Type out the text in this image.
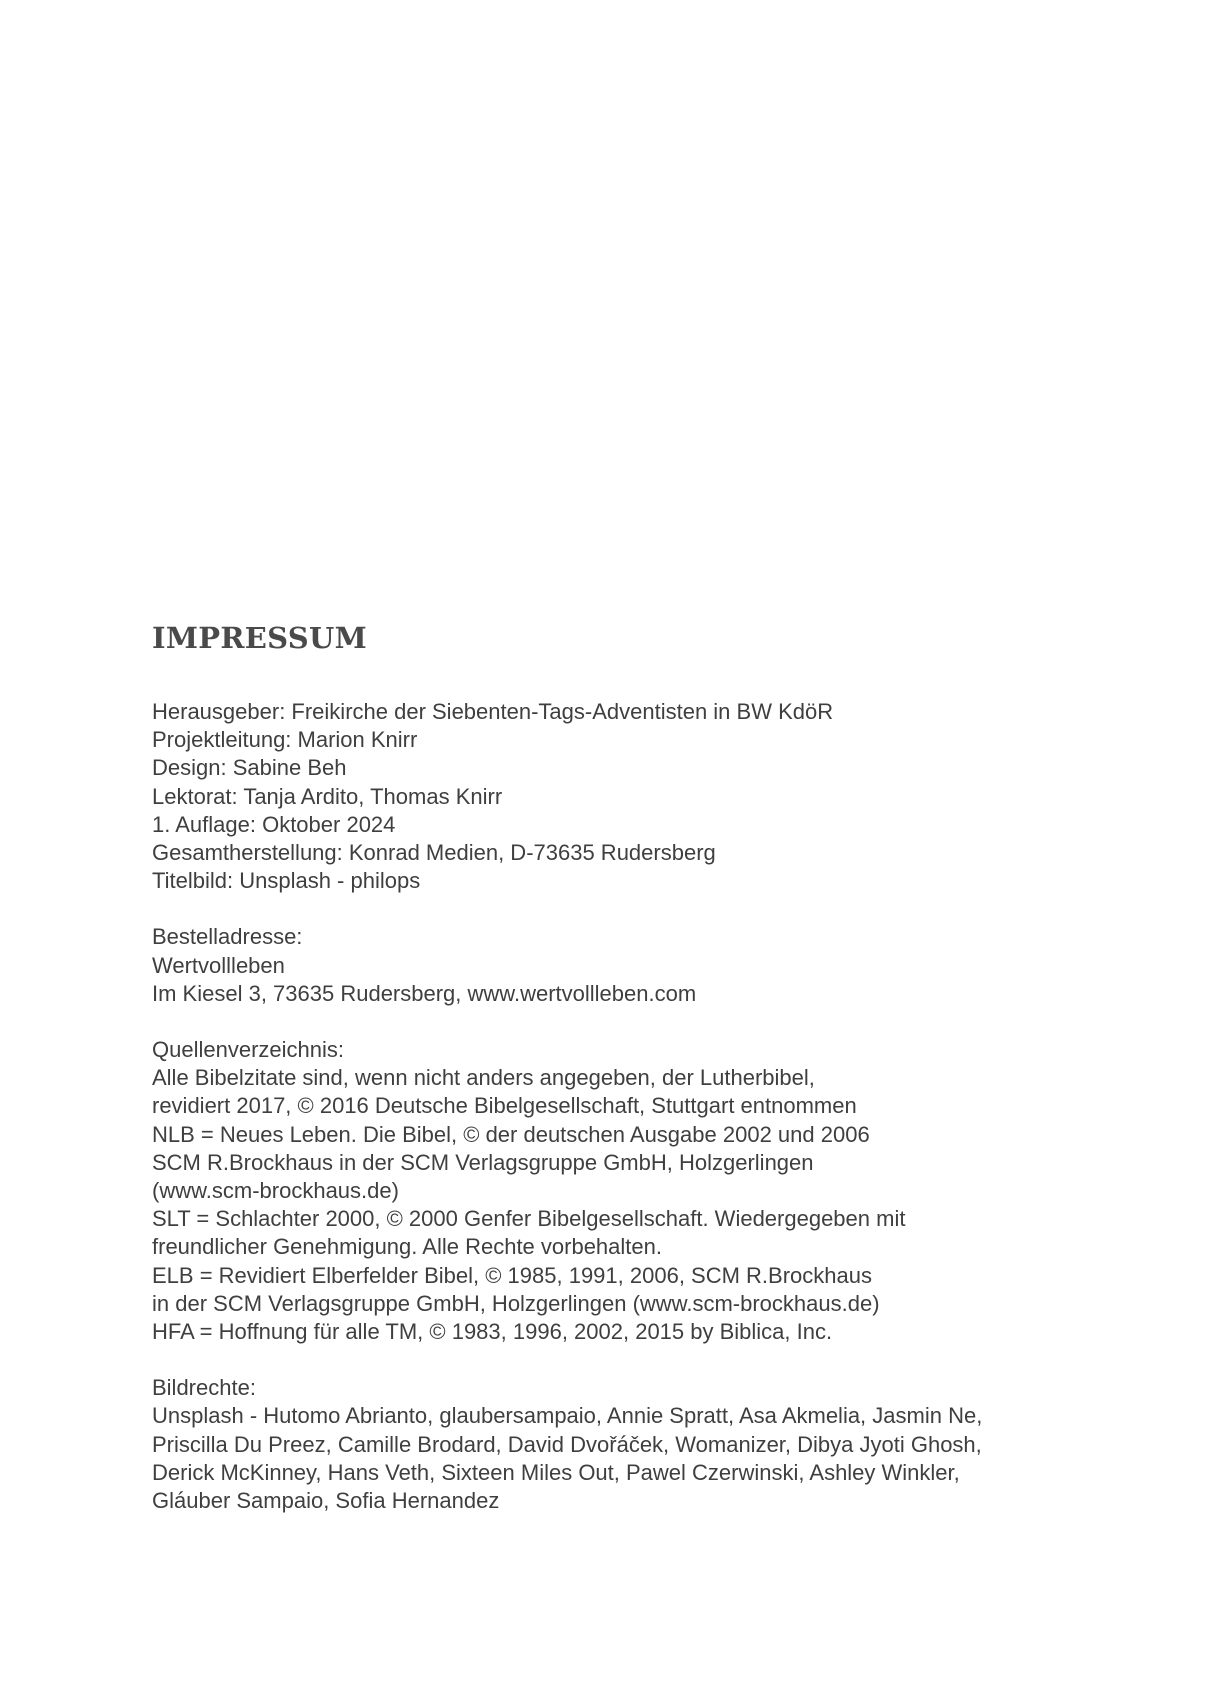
IMPRESSUM
Herausgeber: Freikirche der Siebenten-Tags-Adventisten in BW KdöR
Projektleitung: Marion Knirr
Design: Sabine Beh
Lektorat: Tanja Ardito, Thomas Knirr
1. Auflage: Oktober 2024
Gesamtherstellung: Konrad Medien, D-73635 Rudersberg
Titelbild: Unsplash - philops
Bestelladresse:
Wertvollleben
Im Kiesel 3, 73635 Rudersberg, www.wertvollleben.com
Quellenverzeichnis:
Alle Bibelzitate sind, wenn nicht anders angegeben, der Lutherbibel,
revidiert 2017, © 2016 Deutsche Bibelgesellschaft, Stuttgart entnommen
NLB = Neues Leben. Die Bibel, © der deutschen Ausgabe 2002 und 2006
SCM R.Brockhaus in der SCM Verlagsgruppe GmbH, Holzgerlingen
(www.scm-brockhaus.de)
SLT = Schlachter 2000, © 2000 Genfer Bibelgesellschaft. Wiedergegeben mit
freundlicher Genehmigung. Alle Rechte vorbehalten.
ELB = Revidiert Elberfelder Bibel, © 1985, 1991, 2006, SCM R.Brockhaus
in der SCM Verlagsgruppe GmbH, Holzgerlingen (www.scm-brockhaus.de)
HFA = Hoffnung für alle TM, © 1983, 1996, 2002, 2015 by Biblica, Inc.
Bildrechte:
Unsplash - Hutomo Abrianto, glaubersampaio, Annie Spratt, Asa Akmelia, Jasmin Ne,
Priscilla Du Preez, Camille Brodard, David Dvořáček, Womanizer, Dibya Jyoti Ghosh,
Derick McKinney, Hans Veth, Sixteen Miles Out, Pawel Czerwinski, Ashley Winkler,
Gláuber Sampaio, Sofia Hernandez
